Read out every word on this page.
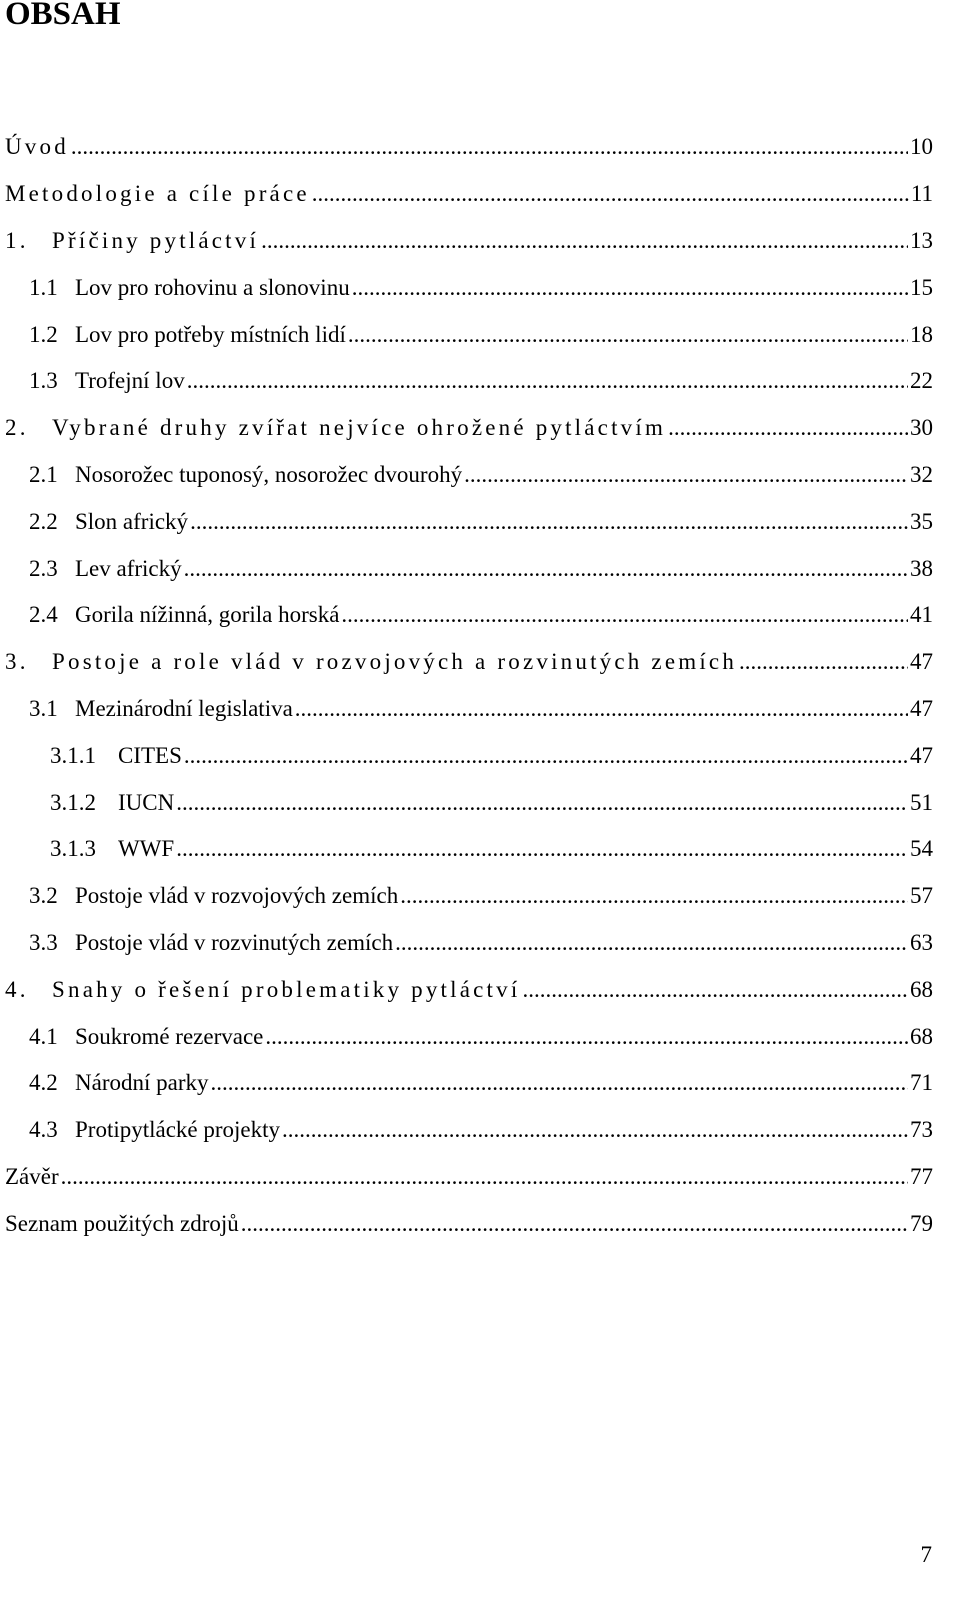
OBSAH
Úvod .....	10
Metodologie a cíle práce .....	11
1.	Příčiny pytláctví .....	13
1.1 Lov pro rohovinu a slonovinu .....	15
1.2 Lov pro potřeby místních lidí .....	18
1.3 Trofejní lov .....	22
2.	Vybrané druhy zvířat nejvíce ohrožené pytláctvím .....	30
2.1 Nosorožec tuponosý, nosorožec dvourohý .....	32
2.2 Slon africký .....	35
2.3 Lev africký .....	38
2.4 Gorila nížinná, gorila horská .....	41
3.	Postoje a role vlád v rozvojových a rozvinutých zemích .....	47
3.1 Mezinárodní legislativa .....	47
3.1.1 CITES .....	47
3.1.2 IUCN .....	51
3.1.3 WWF .....	54
3.2 Postoje vlád v rozvojových zemích .....	57
3.3 Postoje vlád v rozvinutých zemích .....	63
4.	Snahy o řešení problematiky pytláctví .....	68
4.1 Soukromé rezervace .....	68
4.2 Národní parky .....	71
4.3 Protipytlácké projekty .....	73
Závěr .....	77
Seznam použitých zdrojů .....	79
7
